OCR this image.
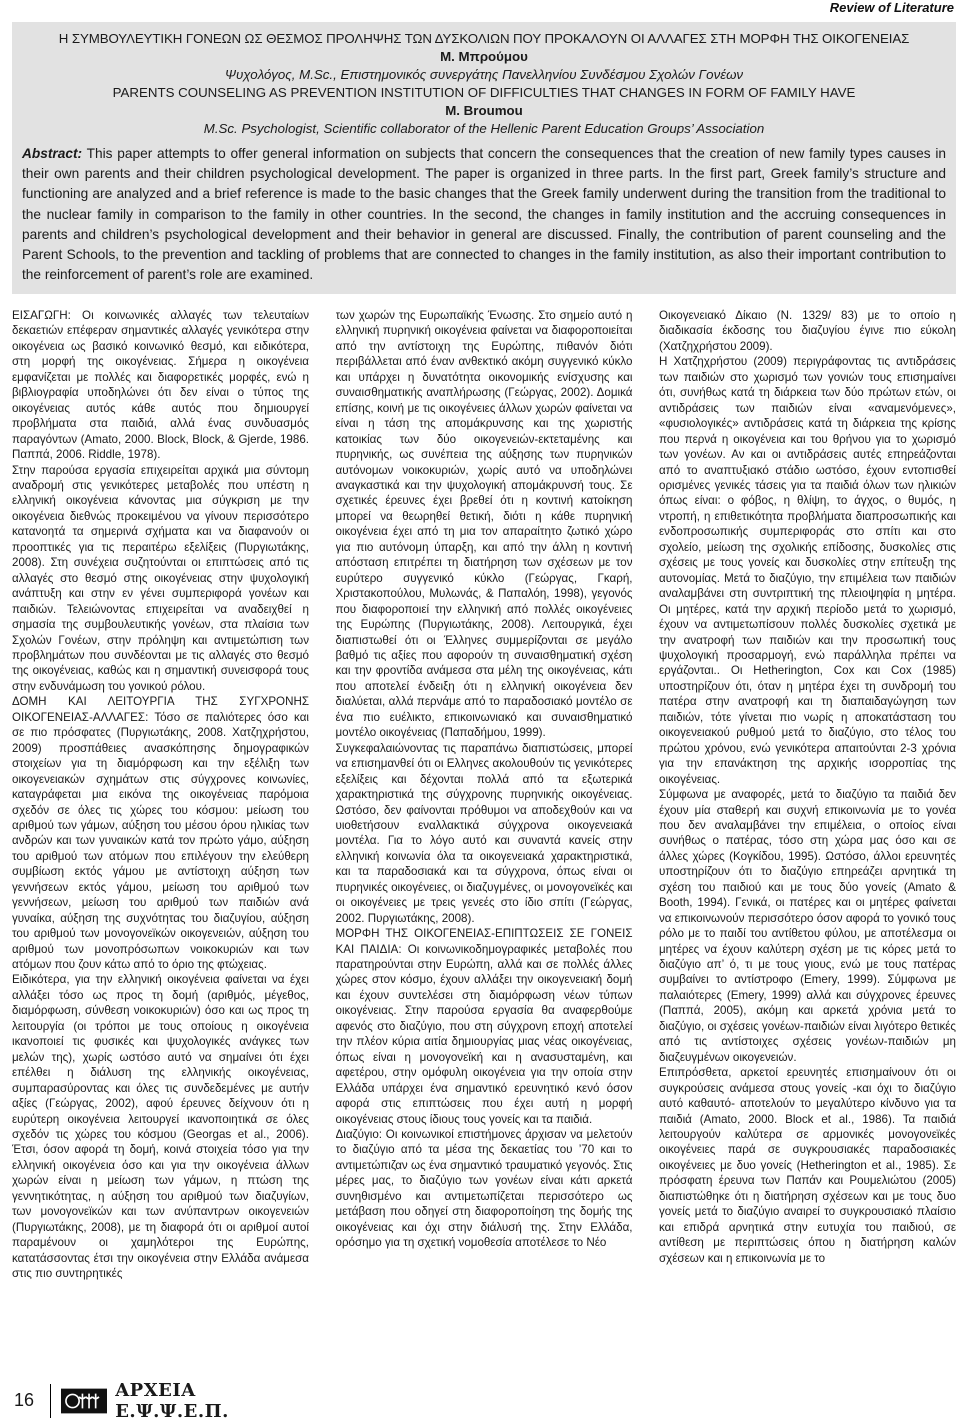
Review of Literature
Η ΣΥΜΒΟΥΛΕΥΤΙΚΗ ΓΟΝΕΩΝ ΩΣ ΘΕΣΜΟΣ ΠΡΟΛΗΨΗΣ ΤΩΝ ΔΥΣΚΟΛΙΩΝ ΠΟΥ ΠΡΟΚΑΛΟΥΝ ΟΙ ΑΛΛΑΓΕΣ ΣΤΗ ΜΟΡΦΗ ΤΗΣ ΟΙΚΟΓΕΝΕΙΑΣ
Μ. Μπρούμου
Ψυχολόγος, M.Sc., Επιστημονικός συνεργάτης Πανελληνίου Συνδέσμου Σχολών Γονέων
PARENTS COUNSELING AS PREVENTION INSTITUTION OF DIFFICULTIES THAT CHANGES IN FORM OF FAMILY HAVE
M. Broumou
M.Sc. Psychologist, Scientific collaborator of the Hellenic Parent Education Groups’ Association
Abstract: This paper attempts to offer general information on subjects that concern the consequences that the creation of new family types causes in their own parents and their children psychological development. The paper is organized in three parts. In the first part, Greek family’s structure and functioning are analyzed and a brief reference is made to the basic changes that the Greek family underwent during the transition from the traditional to the nuclear family in comparison to the family in other countries. In the second, the changes in family institution and the accruing consequences in parents and children’s psychological development and their behavior in general are discussed. Finally, the contribution of parent counseling and the Parent Schools, to the prevention and tackling of problems that are connected to changes in the family institution, as also their important contribution to the reinforcement of parent’s role are examined.

ΕΙΣΑΓΩΓΗ: Οι κοινωνικές αλλαγές των τελευταίων δεκαετιών επέφεραν σημαντικές αλλαγές γενικότερα στην οικογένεια ως βασικό κοινωνικό θεσμό, και ειδικότερα, στη μορφή της οικογένειας. Σήμερα η οικογένεια εμφανίζεται με πολλές και διαφορετικές μορφές, ενώ η βιβλιογραφία υποδηλώνει ότι δεν είναι ο τύπος της οικογένειας αυτός κάθε αυτός που δημιουργεί προβλήματα στα παιδιά, αλλά ένας συνδυασμός παραγόντων (Amato, 2000. Block, Block, & Gjerde, 1986. Παππά, 2006. Riddle, 1978).

Στην παρούσα εργασία επιχειρείται αρχικά μια σύντομη αναδρομή στις γενικότερες μεταβολές που υπέστη η ελληνική οικογένεια κάνοντας μια σύγκριση με την οικογένεια διεθνώς προκειμένου να γίνουν περισσότερο κατανοητά τα σημερινά σχήματα και να διαφανούν οι προοπτικές για τις περαιτέρω εξελίξεις (Πυργιωτάκης, 2008). Στη συνέχεια συζητούνται οι επιπτώσεις από τις αλλαγές στο θεσμό στης οικογένειας στην ψυχολογική ανάπτυξη και στην εν γένει συμπεριφορά γονέων και παιδιών. Τελειώνοντας επιχειρείται να αναδειχθεί η σημασία της συμβουλευτικής γονέων, στα πλαίσια των Σχολών Γονέων, στην πρόληψη και αντιμετώπιση των προβλημάτων που συνδέονται με τις αλλαγές στο θεσμό της οικογένειας, καθώς και η σημαντική συνεισφορά τους στην ενδυνάμωση του γονικού ρόλου.

ΔΟΜΗ ΚΑΙ ΛΕΙΤΟΥΡΓΙΑ ΤΗΣ ΣΥΓΧΡΟΝΗΣ ΟΙΚΟΓΕΝΕΙΑΣ-ΑΛΛΑΓΕΣ: Τόσο σε παλιότερες όσο και σε πιο πρόσφατες (Πυργιωτάκης, 2008. Χατζηχρήστου, 2009) προσπάθειες ανασκόπησης δημογραφικών στοιχείων για τη διαμόρφωση και την εξέλιξη των οικογενειακών σχημάτων στις σύγχρονες κοινωνίες, καταγράφεται μια εικόνα της οικογένειας παρόμοια σχεδόν σε όλες τις χώρες του κόσμου: μείωση του αριθμού των γάμων, αύξηση του μέσου όρου ηλικίας των ανδρών και των γυναικών κατά τον πρώτο γάμο, αύξηση του αριθμού των ατόμων που επιλέγουν την ελεύθερη συμβίωση εκτός γάμου με αντίστοιχη αύξηση των γεννήσεων εκτός γάμου, μείωση του αριθμού των γεννήσεων, μείωση του αριθμού των παιδιών ανά γυναίκα, αύξηση της συχνότητας του διαζυγίου, αύξηση του αριθμού των μονογονεϊκών οικογενειών, αύξηση του αριθμού των μονοπρόσωπων νοικοκυριών και των ατόμων που ζουν κάτω από το όριο της φτώχειας.

Ειδικότερα, για την ελληνική οικογένεια φαίνεται να έχει αλλάξει τόσο ως προς τη δομή (αριθμός, μέγεθος, διαμόρφωση, σύνθεση νοικοκυριών) όσο και ως προς τη λειτουργία (οι τρόποι με τους οποίους η οικογένεια ικανοποιεί τις φυσικές και ψυχολογικές ανάγκες των μελών της), χωρίς ωστόσο αυτό να σημαίνει ότι έχει επέλθει η διάλυση της ελληνικής οικογένειας, συμπαρασύροντας και όλες τις συνδεδεμένες με αυτήν αξίες (Γεώργας, 2002), αφού έρευνες δείχνουν ότι η ευρύτερη οικογένεια λειτουργεί ικανοποιητικά σε όλες σχεδόν τις χώρες του κόσμου (Georgas et al., 2006). Έτσι, όσον αφορά τη δομή, κοινά στοιχεία τόσο για την ελληνική οικογένεια όσο και για την οικογένεια άλλων χωρών είναι η μείωση των γάμων, η πτώση της γεννητικότητας, η αύξηση του αριθμού των διαζυγίων, των μονογονεϊκών και των ανύπαντρων οικογενειών (Πυργιωτάκης, 2008), με τη διαφορά ότι οι αριθμοί αυτοί παραμένουν οι χαμηλότεροι της Ευρώπης, κατατάσσοντας έτσι την οικογένεια στην Ελλάδα ανάμεσα στις πιο συντηρητικές

των χωρών της Ευρωπαϊκής Ένωσης. Στο σημείο αυτό η ελληνική πυρηνική οικογένεια φαίνεται να διαφοροποιείται από την αντίστοιχη της Ευρώπης, πιθανόν διότι περιβάλλεται από έναν ανθεκτικό ακόμη συγγενικό κύκλο και υπάρχει η δυνατότητα οικονομικής ενίσχυσης και συναισθηματικής αναπλήρωσης (Γεώργας, 2002). Δομικά επίσης, κοινή με τις οικογένειες άλλων χωρών φαίνεται να είναι η τάση της απομάκρυνσης και της χωριστής κατοικίας των δύο οικογενειών-εκτεταμένης και πυρηνικής, ως συνέπεια της αύξησης των πυρηνικών αυτόνομων νοικοκυριών, χωρίς αυτό να υποδηλώνει αναγκαστικά και την ψυχολογική απομάκρυνσή τους. Σε σχετικές έρευνες έχει βρεθεί ότι η κοντινή κατοίκηση μπορεί να θεωρηθεί θετική, διότι η κάθε πυρηνική οικογένεια έχει από τη μια τον απαραίτητο ζωτικό χώρο για πιο αυτόνομη ύπαρξη, και από την άλλη η κοντινή απόσταση επιτρέπει τη διατήρηση των σχέσεων με τον ευρύτερο συγγενικό κύκλο (Γεώργας, Γκαρή, Χριστακοπούλου, Μυλωνάς, & Παπαλόη, 1998), γεγονός που διαφοροποιεί την ελληνική από πολλές οικογένειες της Ευρώπης (Πυργιωτάκης, 2008). Λειτουργικά, έχει διαπιστωθεί ότι οι Έλληνες συμμερίζονται σε μεγάλο βαθμό τις αξίες που αφορούν τη συναισθηματική σχέση και την φροντίδα ανάμεσα στα μέλη της οικογένειας, κάτι που αποτελεί ένδειξη ότι η ελληνική οικογένεια δεν διαλύεται, αλλά περνάμε από το παραδοσιακό μοντέλο σε ένα πιο ευέλικτο, επικοινωνιακό και συναισθηματικό μοντέλο οικογένειας (Παπαδήμου, 1999).

Συγκεφαλαιώνοντας τις παραπάνω διαπιστώσεις, μπορεί να επισημανθεί ότι οι Ελληνες ακολουθούν τις γενικότερες εξελίξεις και δέχονται πολλά από τα εξωτερικά χαρακτηριστικά της σύγχρονης πυρηνικής οικογένειας. Ωστόσο, δεν φαίνονται πρόθυμοι να αποδεχθούν και να υιοθετήσουν εναλλακτικά σύγχρονα οικογενειακά μοντέλα. Για το λόγο αυτό και συναντά κανείς στην ελληνική κοινωνία όλα τα οικογενειακά χαρακτηριστικά, και τα παραδοσιακά και τα σύγχρονα, όπως είναι οι πυρηνικές οικογένειες, οι διαζυγμένες, οι μονογονεϊκές και οι οικογένειες με τρεις γενεές στο ίδιο σπίτι (Γεώργας, 2002. Πυργιωτάκης, 2008).

ΜΟΡΦΗ ΤΗΣ ΟΙΚΟΓΕΝΕΙΑΣ-ΕΠΙΠΤΩΣΕΙΣ ΣΕ ΓΟΝΕΙΣ ΚΑΙ ΠΑΙΔΙΑ: Οι κοινωνικοδημογραφικές μεταβολές που παρατηρούνται στην Ευρώπη, αλλά και σε πολλές άλλες χώρες στον κόσμο, έχουν αλλάξει την οικογενειακή δομή και έχουν συντελέσει στη διαμόρφωση νέων τύπων οικογένειας. Στην παρούσα εργασία θα αναφερθούμε αφενός στο διαζύγιο, που στη σύγχρονη εποχή αποτελεί την πλέον κύρια αιτία δημιουργίας μιας νέας οικογένειας, όπως είναι η μονογονεϊκή και η ανασυσταμένη, και αφετέρου, στην ομόφυλη οικογένεια για την οποία στην Ελλάδα υπάρχει ένα σημαντικό ερευνητικό κενό όσον αφορά στις επιπτώσεις που έχει αυτή η μορφή οικογένειας στους ίδιους τους γονείς και τα παιδιά.

Διαζύγιο: Οι κοινωνικοί επιστήμονες άρχισαν να μελετούν το διαζύγιο από τα μέσα της δεκαετίας του ’70 και το αντιμετώπιζαν ως ένα σημαντικό τραυματικό γεγονός. Στις μέρες μας, το διαζύγιο των γονέων είναι κάτι αρκετά συνηθισμένο και αντιμετωπίζεται περισσότερο ως μετάβαση που οδηγεί στη διαφοροποίηση της δομής της οικογένειας και όχι στην διάλυσή της. Στην Ελλάδα, ορόσημο για τη σχετική νομοθεσία αποτέλεσε το Νέο

Οικογενειακό Δίκαιο (Ν. 1329/ 83) με το οποίο η διαδικασία έκδοσης του διαζυγίου έγινε πιο εύκολη (Χατζηχρήστου 2009).

Η Χατζηχρήστου (2009) περιγράφοντας τις αντιδράσεις των παιδιών στο χωρισμό των γονιών τους επισημαίνει ότι, συνήθως κατά τη διάρκεια των δύο πρώτων ετών, οι αντιδράσεις των παιδιών είναι «αναμενόμενες», «φυσιολογικές» αντιδράσεις κατά τη διάρκεια της κρίσης που περνά η οικογένεια και του θρήνου για το χωρισμό των γονέων. Αν και οι αντιδράσεις αυτές επηρεάζονται από το αναπτυξιακό στάδιο ωστόσο, έχουν εντοπισθεί ορισμένες γενικές τάσεις για τα παιδιά όλων των ηλικιών όπως είναι: ο φόβος, η θλίψη, το άγχος, ο θυμός, η ντροπή, η επιθετικότητα προβλήματα διαπροσωπικής και ενδοπροσωπικής συμπεριφοράς στο σπίτι και στο σχολείο, μείωση της σχολικής επίδοσης, δυσκολίες στις σχέσεις με τους γονείς και δυσκολίες στην επίτευξη της αυτονομίας. Μετά το διαζύγιο, την επιμέλεια των παιδιών αναλαμβάνει στη συντριπτική της πλειοψηφία η μητέρα. Οι μητέρες, κατά την αρχική περίοδο μετά το χωρισμό, έχουν να αντιμετωπίσουν πολλές δυσκολίες σχετικά με την ανατροφή των παιδιών και την προσωπική τους ψυχολογική προσαρμογή, ενώ παράλληλα πρέπει να εργάζονται.. Οι Hetherington, Cox και Cox (1985) υποστηρίζουν ότι, όταν η μητέρα έχει τη συνδρομή του πατέρα στην ανατροφή και τη διαπαιδαγώγηση των παιδιών, τότε γίνεται πιο νωρίς η αποκατάσταση του οικογενειακού ρυθμού μετά το διαζύγιο, στο τέλος του πρώτου χρόνου, ενώ γενικότερα απαιτούνται 2-3 χρόνια για την επανάκτηση της αρχικής ισορροπίας της οικογένειας.

Σύμφωνα με αναφορές, μετά το διαζύγιο τα παιδιά δεν έχουν μία σταθερή και συχνή επικοινωνία με το γονέα που δεν αναλαμβάνει την επιμέλεια, ο οποίος είναι συνήθως ο πατέρας, τόσο στη χώρα μας όσο και σε άλλες χώρες (Κογκίδου, 1995). Ωστόσο, άλλοι ερευνητές υποστηρίζουν ότι το διαζύγιο επηρεάζει αρνητικά τη σχέση του παιδιού και με τους δύο γονείς (Amato & Booth, 1994). Γενικά, οι πατέρες και οι μητέρες φαίνεται να επικοινωνούν περισσότερο όσον αφορά το γονικό τους ρόλο με το παιδί του αντίθετου φύλου, με αποτέλεσμα οι μητέρες να έχουν καλύτερη σχέση με τις κόρες μετά το διαζύγιο απ’ ό, τι με τους γιους, ενώ με τους πατέρας συμβαίνει το αντίστροφο (Emery, 1999). Σύμφωνα με παλαιότερες (Emery, 1999) αλλά και σύγχρονες έρευνες (Παππά, 2005), ακόμη και αρκετά χρόνια μετά το διαζύγιο, οι σχέσεις γονέων-παιδιών είναι λιγότερο θετικές από τις αντίστοιχες σχέσεις γονέων-παιδιών μη διαζευγμένων οικογενειών.

Επιπρόσθετα, αρκετοί ερευνητές επισημαίνουν ότι οι συγκρούσεις ανάμεσα στους γονείς -και όχι το διαζύγιο αυτό καθαυτό- αποτελούν το μεγαλύτερο κίνδυνο για τα παιδιά (Amato, 2000. Block et al., 1986). Τα παιδιά λειτουργούν καλύτερα σε αρμονικές μονογονεϊκές οικογένειες παρά σε συγκρουσιακές παραδοσιακές οικογένειες με δυο γονείς (Hetherington et al., 1985). Σε πρόσφατη έρευνα των Παπάν και Ρουμελιώτου (2005) διαπιστώθηκε ότι η διατήρηση σχέσεων και με τους δυο γονείς μετά το διαζύγιο αναιρεί το συγκρουσιακό πλαίσιο και επιδρά αρνητικά στην ευτυχία του παιδιού, σε αντίθεση με περιπτώσεις όπου η διατήρηση καλών σχέσεων και η επικοινωνία με το

16	ΑΡΧΕΙΑ Ε.Ψ.Ψ.Ε.Π.
